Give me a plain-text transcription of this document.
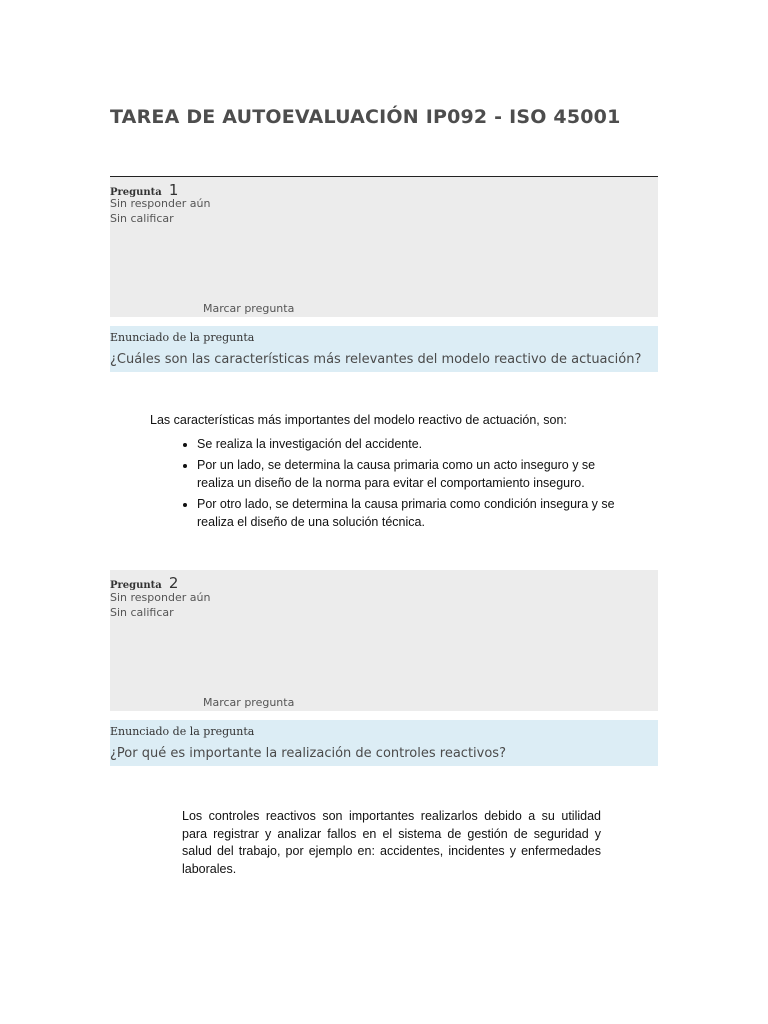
TAREA DE AUTOEVALUACIÓN IP092 - ISO 45001
Pregunta 1
Sin responder aún
Sin calificar
Marcar pregunta
Enunciado de la pregunta
¿Cuáles son las características más relevantes del modelo reactivo de actuación?

Las características más importantes del modelo reactivo de actuación, son:

• Se realiza la investigación del accidente.
• Por un lado, se determina la causa primaria como un acto inseguro y se realiza un diseño de la norma para evitar el comportamiento inseguro.
• Por otro lado, se determina la causa primaria como condición insegura y se realiza el diseño de una solución técnica.
Pregunta 2
Sin responder aún
Sin calificar
Marcar pregunta
Enunciado de la pregunta
¿Por qué es importante la realización de controles reactivos?
Los controles reactivos son importantes realizarlos debido a su utilidad para registrar y analizar fallos en el sistema de gestión de seguridad y salud del trabajo, por ejemplo en: accidentes, incidentes y enfermedades laborales.
